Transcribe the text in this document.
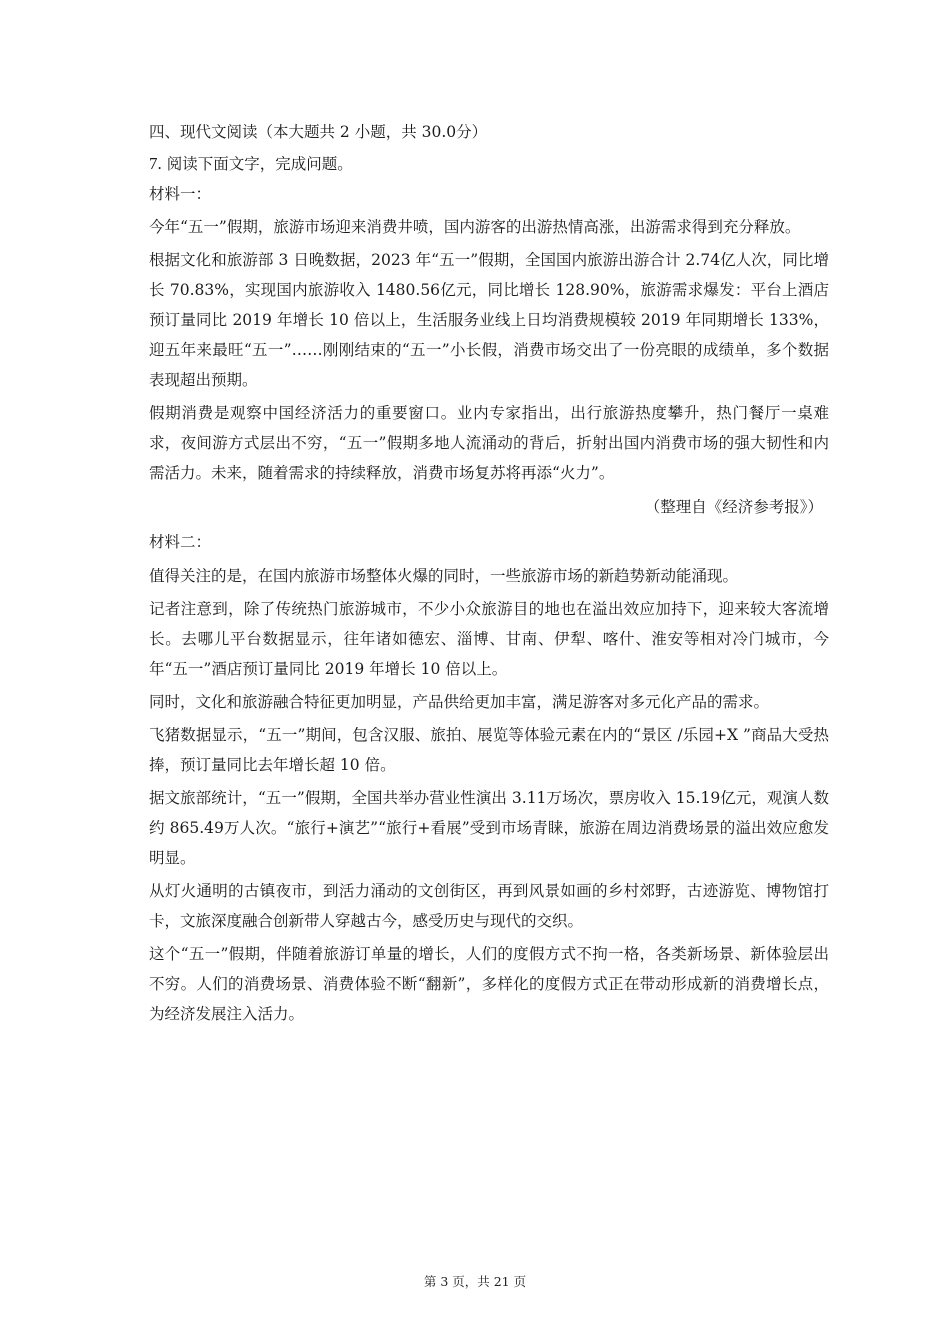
四、现代文阅读（本大题共 2 小题，共 30.0分）

7. 阅读下面文字，完成问题。

材料一：

今年“五一”假期，旅游市场迎来消费井喷，国内游客的出游热情高涨，出游需求得到充分释放。

根据文化和旅游部 3 日晚数据，2023 年“五一”假期，全国国内旅游出游合计 2.74亿人次，同比增长 70.83%，实现国内旅游收入 1480.56亿元，同比增长 128.90%，旅游需求爆发：平台上酒店预订量同比 2019 年增长 10 倍以上，生活服务业线上日均消费规模较 2019 年同期增长 133%，迎五年来最旺“五一”……刚刚结束的“五一”小长假，消费市场交出了一份亮眼的成绩单，多个数据表现超出预期。

假期消费是观察中国经济活力的重要窗口。业内专家指出，出行旅游热度攀升，热门餐厅一桌难求，夜间游方式层出不穷，“五一”假期多地人流涌动的背后，折射出国内消费市场的强大韧性和内需活力。未来，随着需求的持续释放，消费市场复苏将再添“火力”。

（整理自《经济参考报》）

材料二：

值得关注的是，在国内旅游市场整体火爆的同时，一些旅游市场的新趋势新动能涌现。

记者注意到，除了传统热门旅游城市，不少小众旅游目的地也在溢出效应加持下，迎来较大客流增长。去哪儿平台数据显示，往年诸如德宏、淄博、甘南、伊犁、喀什、淮安等相对冷门城市，今年“五一”酒店预订量同比 2019 年增长 10 倍以上。

同时，文化和旅游融合特征更加明显，产品供给更加丰富，满足游客对多元化产品的需求。

飞猪数据显示，“五一”期间，包含汉服、旅拍、展览等体验元素在内的“景区 /乐园+X ”商品大受热捧，预订量同比去年增长超 10 倍。

据文旅部统计，“五一”假期，全国共举办营业性演出 3.11万场次，票房收入 15.19亿元，观演人数约 865.49万人次。“旅行+演艺”“旅行+看展”受到市场青睐，旅游在周边消费场景的溢出效应愈发明显。

从灯火通明的古镇夜市，到活力涌动的文创街区，再到风景如画的乡村郊野，古迹游览、博物馆打卡，文旅深度融合创新带人穿越古今，感受历史与现代的交织。

这个“五一”假期，伴随着旅游订单量的增长，人们的度假方式不拘一格，各类新场景、新体验层出不穷。人们的消费场景、消费体验不断“翻新”，多样化的度假方式正在带动形成新的消费增长点，为经济发展注入活力。

第 3 页，共 21 页
